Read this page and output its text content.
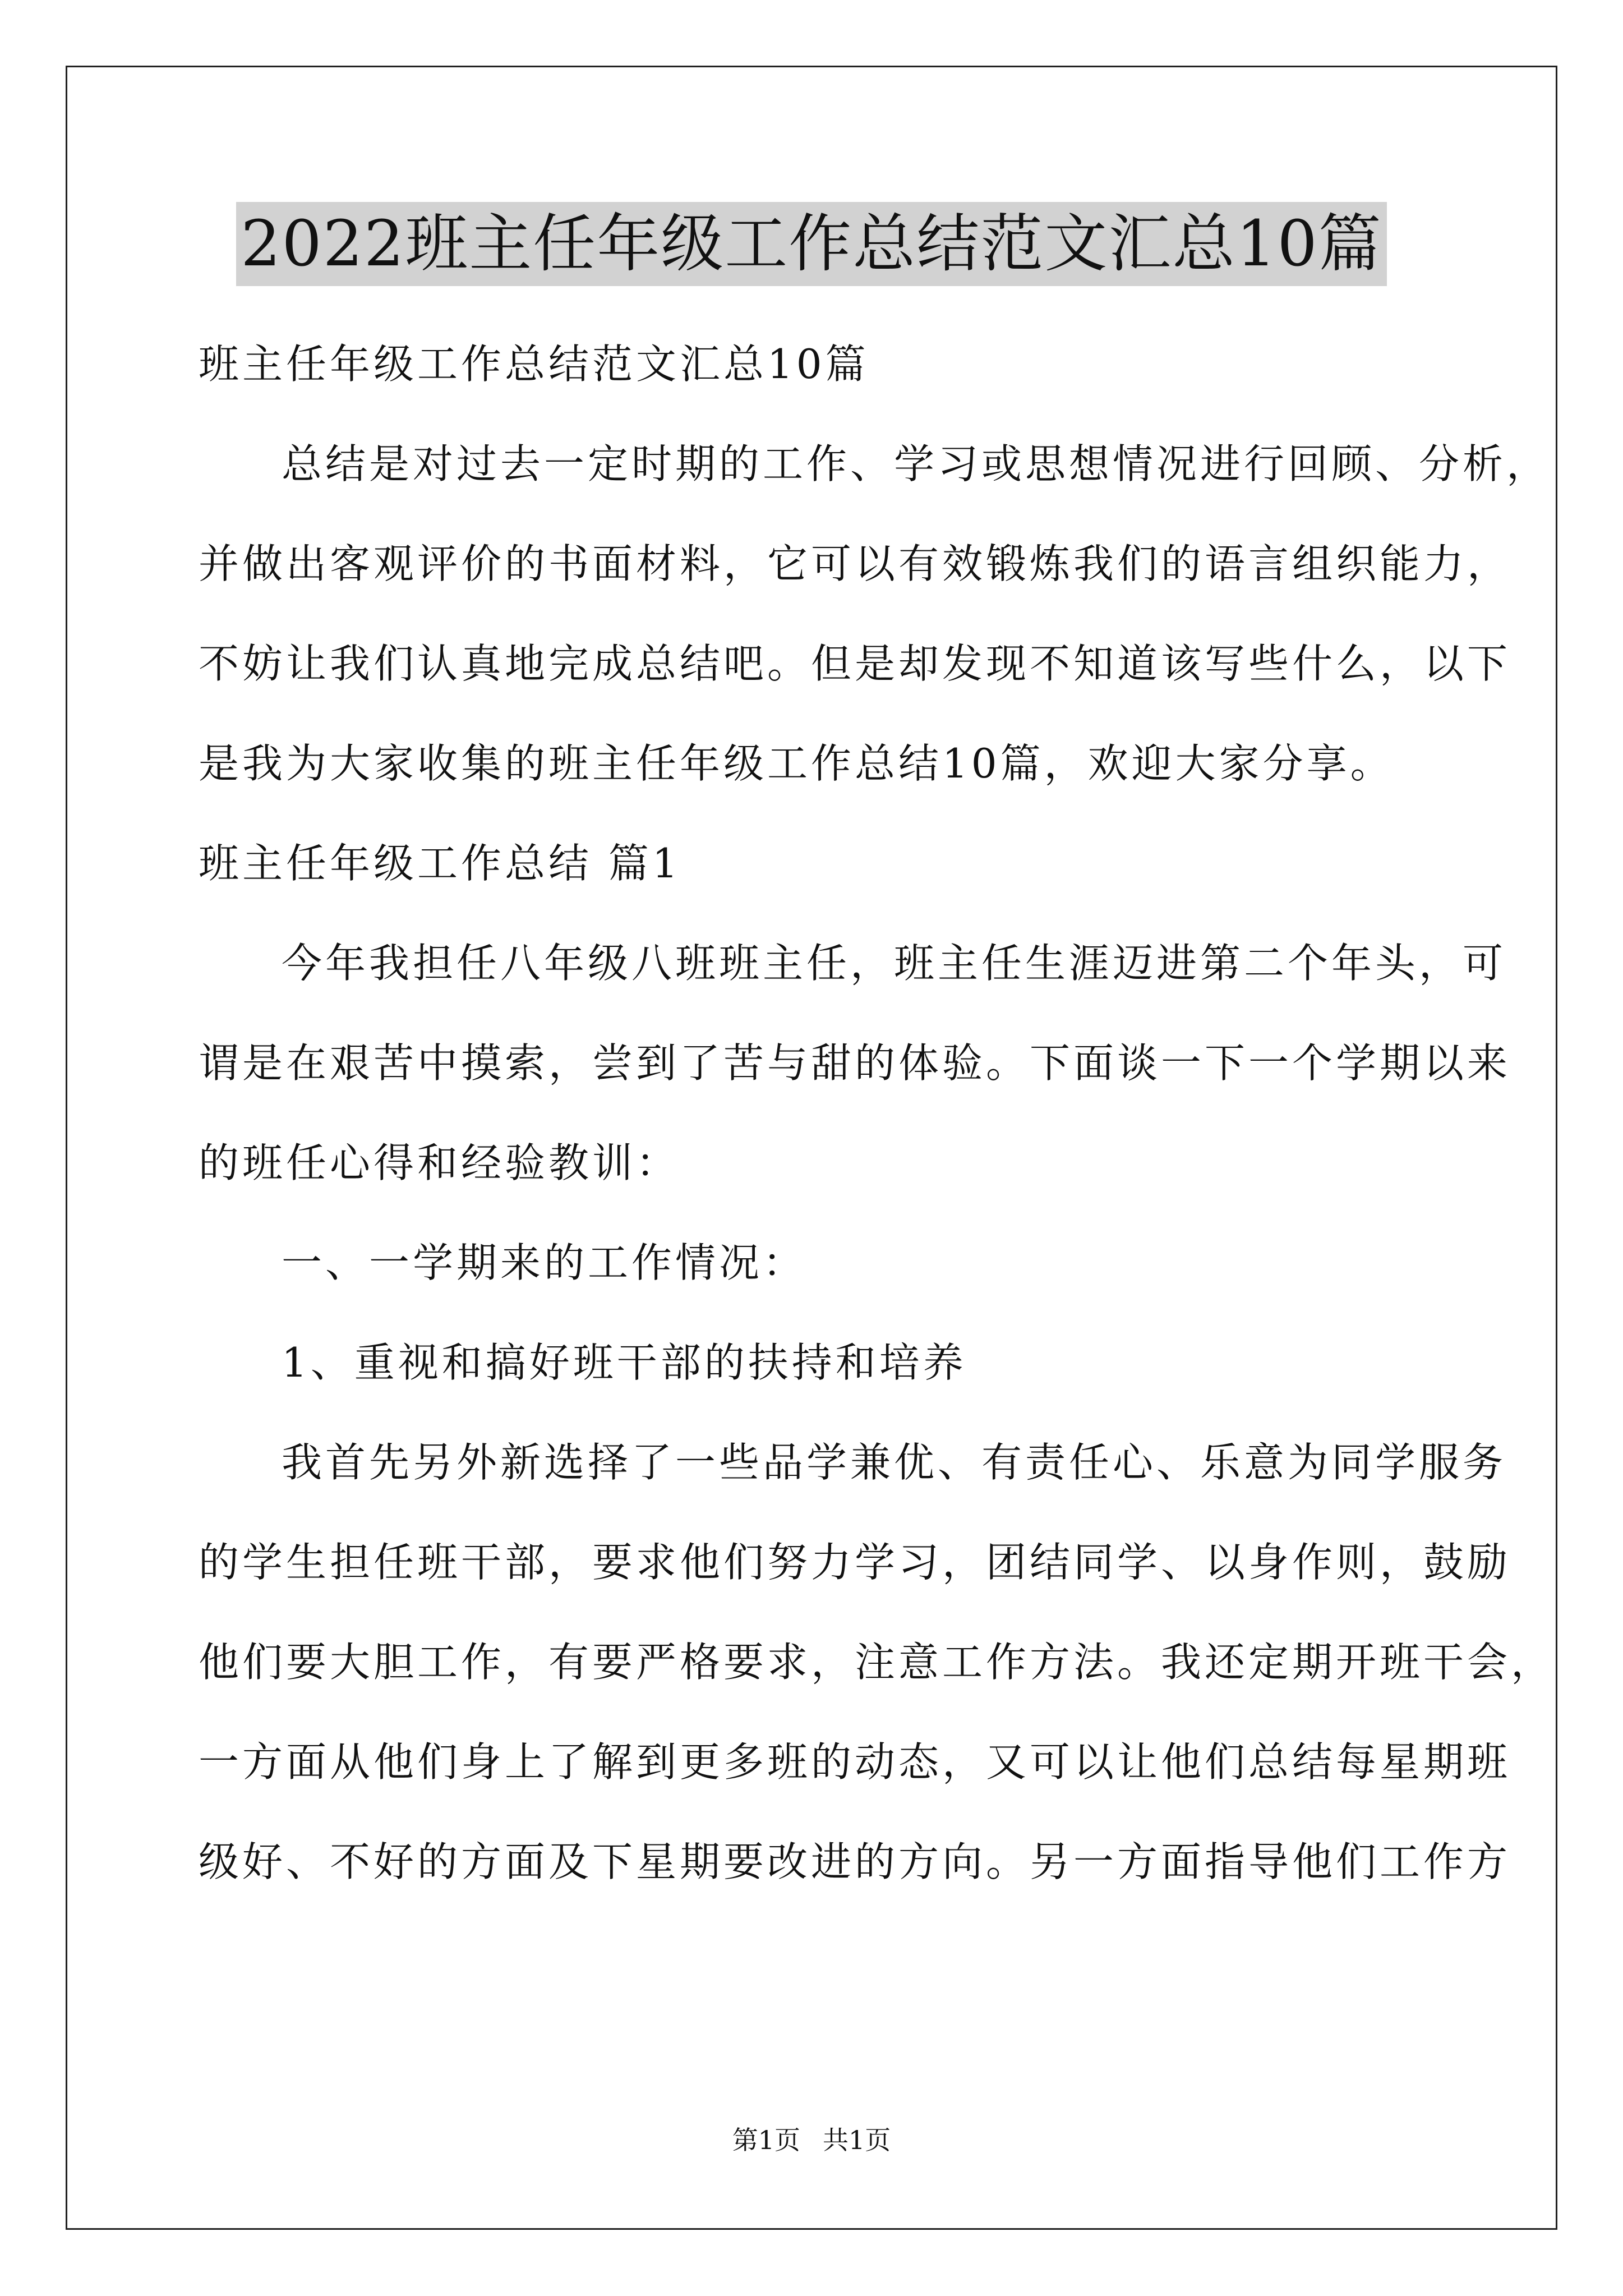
2022班主任年级工作总结范文汇总10篇
班主任年级工作总结范文汇总10篇
总结是对过去一定时期的工作、学习或思想情况进行回顾、分析，
并做出客观评价的书面材料，它可以有效锻炼我们的语言组织能力，
不妨让我们认真地完成总结吧。但是却发现不知道该写些什么，以下
是我为大家收集的班主任年级工作总结10篇，欢迎大家分享。
班主任年级工作总结 篇1
今年我担任八年级八班班主任，班主任生涯迈进第二个年头，可
谓是在艰苦中摸索，尝到了苦与甜的体验。下面谈一下一个学期以来
的班任心得和经验教训：
一、一学期来的工作情况：
1、重视和搞好班干部的扶持和培养
我首先另外新选择了一些品学兼优、有责任心、乐意为同学服务
的学生担任班干部，要求他们努力学习，团结同学、以身作则，鼓励
他们要大胆工作，有要严格要求，注意工作方法。我还定期开班干会，
一方面从他们身上了解到更多班的动态，又可以让他们总结每星期班
级好、不好的方面及下星期要改进的方向。另一方面指导他们工作方
第1页 共1页
